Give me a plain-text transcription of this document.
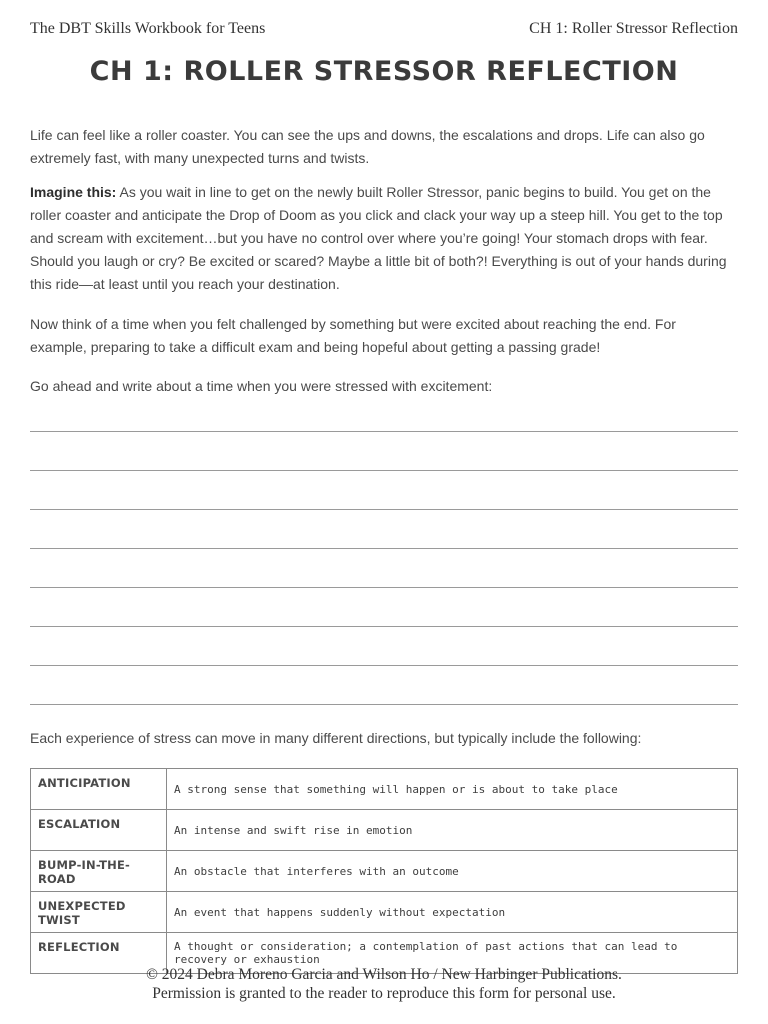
The DBT Skills Workbook for Teens	CH 1: Roller Stressor Reflection
CH 1: ROLLER STRESSOR REFLECTION
Life can feel like a roller coaster. You can see the ups and downs, the escalations and drops. Life can also go extremely fast, with many unexpected turns and twists.
Imagine this: As you wait in line to get on the newly built Roller Stressor, panic begins to build. You get on the roller coaster and anticipate the Drop of Doom as you click and clack your way up a steep hill. You get to the top and scream with excitement…but you have no control over where you’re going! Your stomach drops with fear. Should you laugh or cry? Be excited or scared? Maybe a little bit of both?! Everything is out of your hands during this ride—at least until you reach your destination.
Now think of a time when you felt challenged by something but were excited about reaching the end. For example, preparing to take a difficult exam and being hopeful about getting a passing grade!
Go ahead and write about a time when you were stressed with excitement:
Each experience of stress can move in many different directions, but typically include the following:
ANTICIPATION	A strong sense that something will happen or is about to take place
ESCALATION	An intense and swift rise in emotion
BUMP-IN-THE-ROAD	An obstacle that interferes with an outcome
UNEXPECTED TWIST	An event that happens suddenly without expectation
REFLECTION	A thought or consideration; a contemplation of past actions that can lead to recovery or exhaustion
© 2024 Debra Moreno Garcia and Wilson Ho / New Harbinger Publications.
Permission is granted to the reader to reproduce this form for personal use.
